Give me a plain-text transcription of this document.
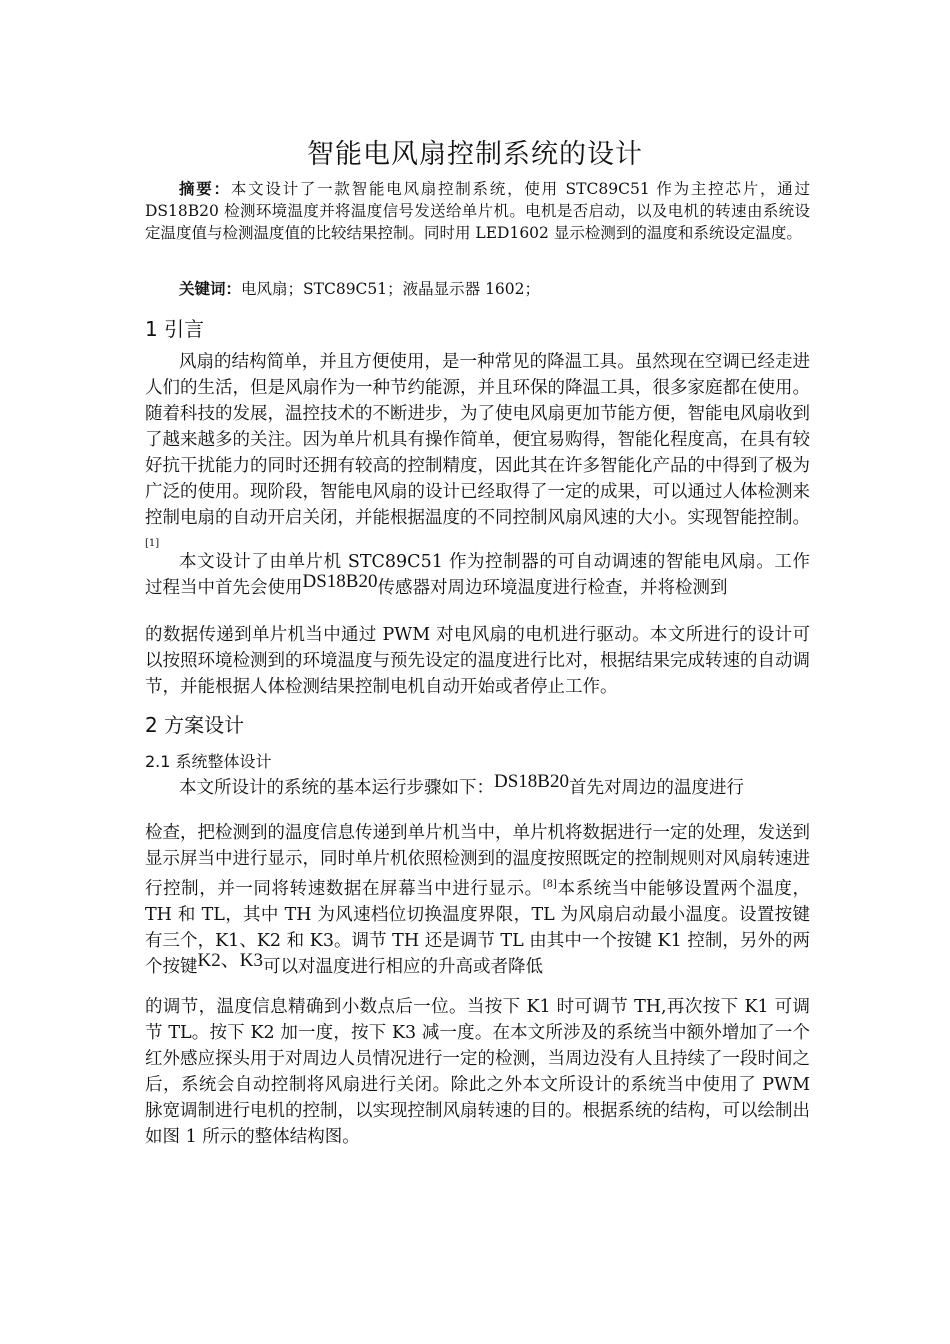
智能电风扇控制系统的设计

摘要：本文设计了一款智能电风扇控制系统，使用 STC89C51 作为主控芯片，通过 DS18B20 检测环境温度并将温度信号发送给单片机。电机是否启动，以及电机的转速由系统设定温度值与检测温度值的比较结果控制。同时用 LED1602 显示检测到的温度和系统设定温度。

关键词：电风扇；STC89C51；液晶显示器 1602；

1 引言

风扇的结构简单，并且方便使用，是一种常见的降温工具。虽然现在空调已经走进人们的生活，但是风扇作为一种节约能源，并且环保的降温工具，很多家庭都在使用。随着科技的发展，温控技术的不断进步，为了使电风扇更加节能方便，智能电风扇收到了越来越多的关注。因为单片机具有操作简单，便宜易购得，智能化程度高，在具有较好抗干扰能力的同时还拥有较高的控制精度，因此其在许多智能化产品的中得到了极为广泛的使用。现阶段，智能电风扇的设计已经取得了一定的成果，可以通过人体检测来控制电扇的自动开启关闭，并能根据温度的不同控制风扇风速的大小。实现智能控制。[1]

本文设计了由单片机 STC89C51 作为控制器的可自动调速的智能电风扇。工作过程当中首先会使用DS18B20传感器对周边环境温度进行检查，并将检测到

的数据传递到单片机当中通过 PWM 对电风扇的电机进行驱动。本文所进行的设计可以按照环境检测到的环境温度与预先设定的温度进行比对，根据结果完成转速的自动调节，并能根据人体检测结果控制电机自动开始或者停止工作。

2 方案设计
2.1 系统整体设计

本文所设计的系统的基本运行步骤如下：DS18B20首先对周边的温度进行

检查，把检测到的温度信息传递到单片机当中，单片机将数据进行一定的处理，发送到显示屏当中进行显示，同时单片机依照检测到的温度按照既定的控制规则对风扇转速进行控制，并一同将转速数据在屏幕当中进行显示。[8]本系统当中能够设置两个温度，TH 和 TL，其中 TH 为风速档位切换温度界限，TL 为风扇启动最小温度。设置按键有三个，K1、K2 和 K3。调节 TH 还是调节 TL 由其中一个按键 K1 控制，另外的两个按键K2、K3可以对温度进行相应的升高或者降低

的调节，温度信息精确到小数点后一位。当按下 K1 时可调节 TH,再次按下 K1 可调节 TL。按下 K2 加一度，按下 K3 减一度。在本文所涉及的系统当中额外增加了一个红外感应探头用于对周边人员情况进行一定的检测，当周边没有人且持续了一段时间之后，系统会自动控制将风扇进行关闭。除此之外本文所设计的系统当中使用了 PWM 脉宽调制进行电机的控制，以实现控制风扇转速的目的。根据系统的结构，可以绘制出如图 1 所示的整体结构图。
